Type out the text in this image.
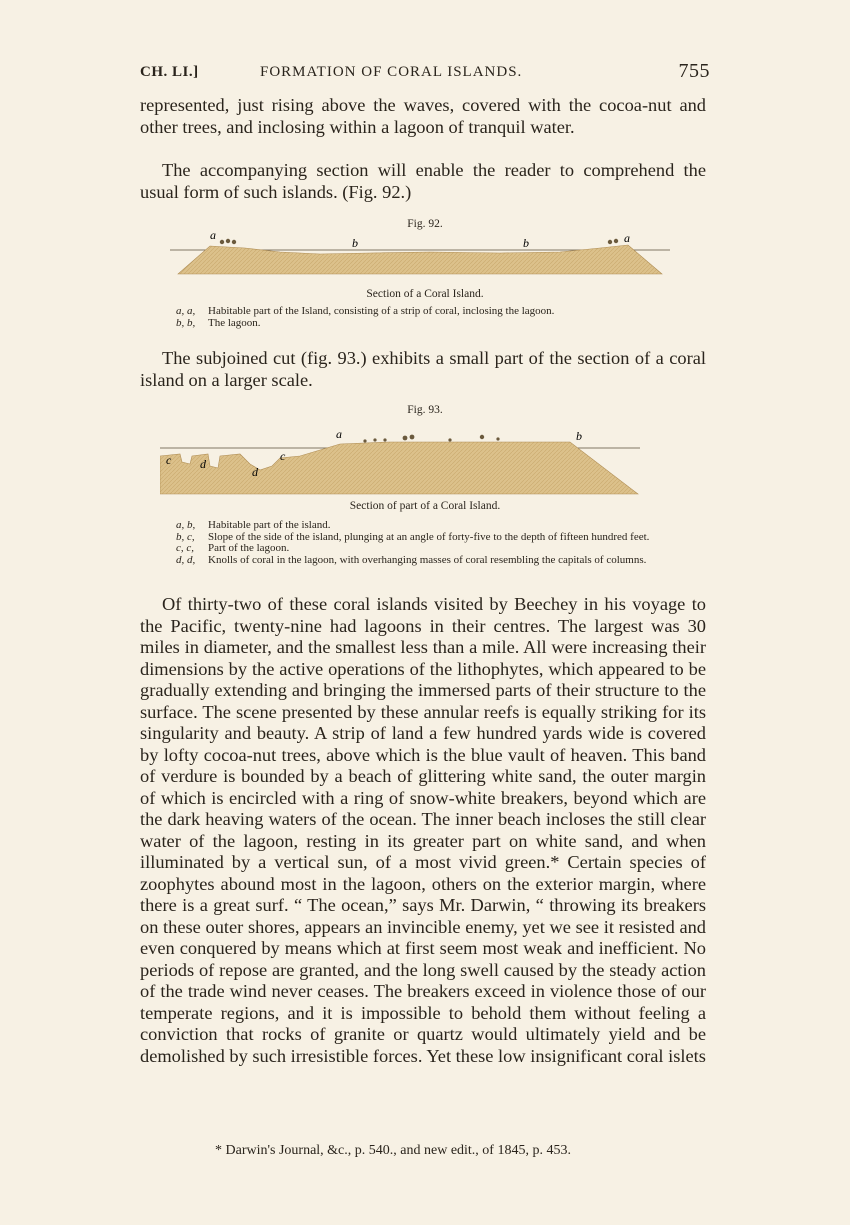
CH. LI.]	FORMATION OF CORAL ISLANDS.	755

represented, just rising above the waves, covered with the cocoa-nut and other trees, and inclosing within a lagoon of tranquil water.

The accompanying section will enable the reader to comprehend the usual form of such islands. (Fig. 92.)

Fig. 92.
a
b	b	a
Section of a Coral Island.
a, a,	Habitable part of the Island, consisting of a strip of coral, inclosing the lagoon.
b, b,	The lagoon.

The subjoined cut (fig. 93.) exhibits a small part of the section of a coral island on a larger scale.

Fig. 93.
c	c
d
d
a	b
Section of part of a Coral Island.
a, b,	Habitable part of the island.
b, c,	Slope of the side of the island, plunging at an angle of forty-five to the depth of fifteen hundred feet.
c, c,	Part of the lagoon.
d, d,	Knolls of coral in the lagoon, with overhanging masses of coral resembling the capitals of columns.

Of thirty-two of these coral islands visited by Beechey in his voyage to the Pacific, twenty-nine had lagoons in their centres. The largest was 30 miles in diameter, and the smallest less than a mile. All were increasing their dimensions by the active operations of the lithophytes, which appeared to be gradually extending and bringing the immersed parts of their structure to the surface. The scene presented by these annular reefs is equally striking for its singularity and beauty. A strip of land a few hundred yards wide is covered by lofty cocoa-nut trees, above which is the blue vault of heaven. This band of verdure is bounded by a beach of glittering white sand, the outer margin of which is encircled with a ring of snow-white breakers, beyond which are the dark heaving waters of the ocean. The inner beach incloses the still clear water of the lagoon, resting in its greater part on white sand, and when illuminated by a vertical sun, of a most vivid green.* Certain species of zoophytes abound most in the lagoon, others on the exterior margin, where there is a great surf. “ The ocean,” says Mr. Darwin, “ throwing its breakers on these outer shores, appears an invincible enemy, yet we see it resisted and even conquered by means which at first seem most weak and inefficient. No periods of repose are granted, and the long swell caused by the steady action of the trade wind never ceases. The breakers exceed in violence those of our temperate regions, and it is impossible to behold them without feeling a conviction that rocks of granite or quartz would ultimately yield and be demolished by such irresistible forces. Yet these low insignificant coral islets

* Darwin's Journal, &c., p. 540., and new edit., of 1845, p. 453.
